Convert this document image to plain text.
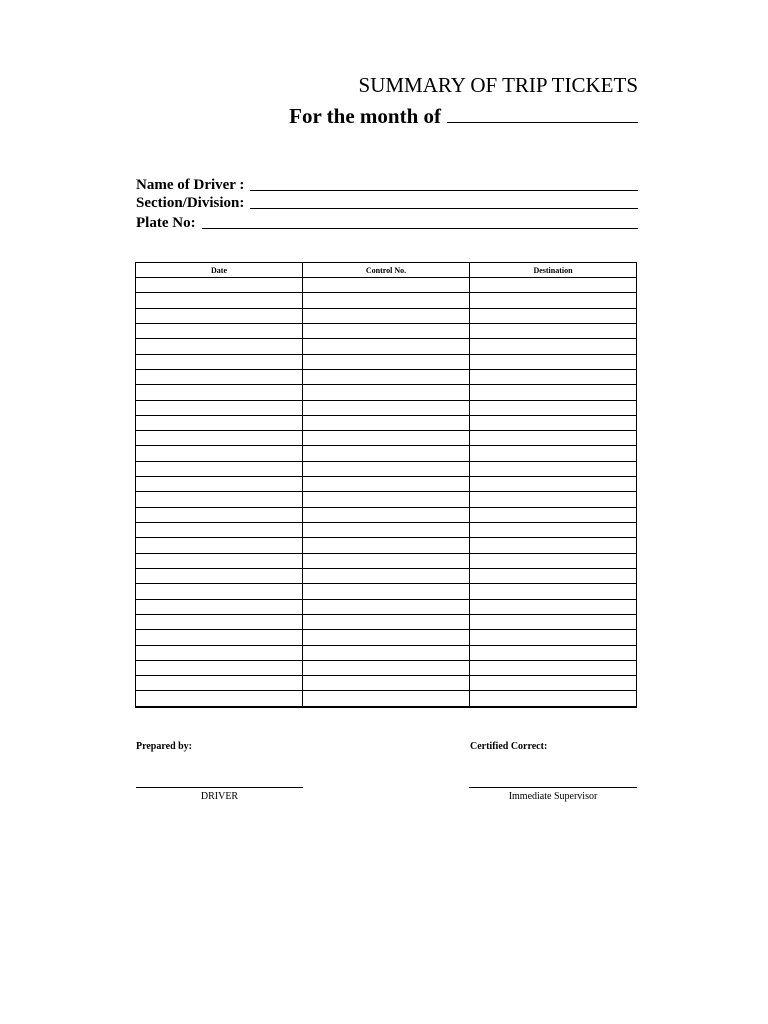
SUMMARY OF TRIP TICKETS
For the month of
Name of Driver :
Section/Division:
Plate No:
Date	Control No.	Destination

Prepared by:
DRIVER
Certified Correct:
Immediate Supervisor
